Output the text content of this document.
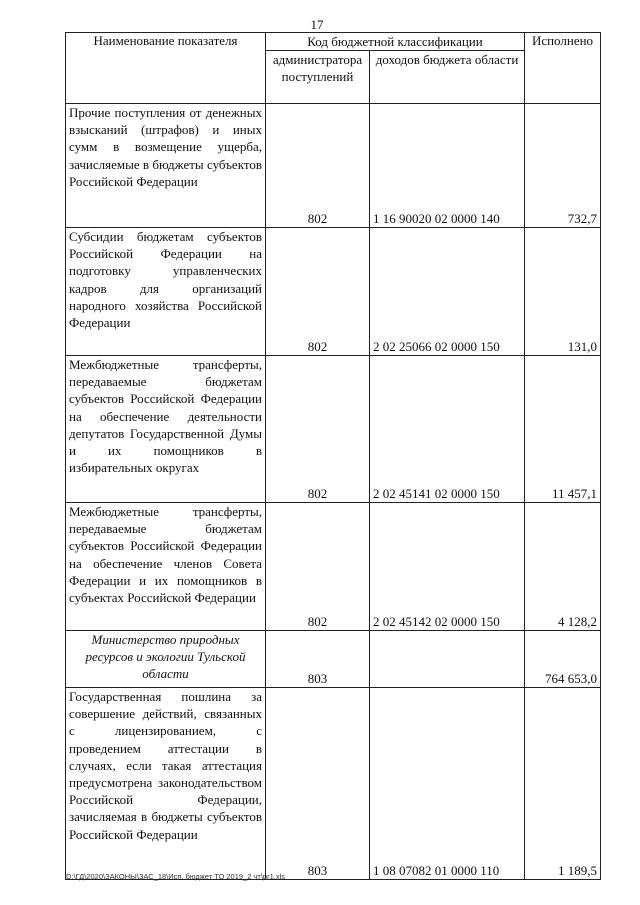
17
Наименование показателя	Код бюджетной классификации		Исполнено
	администратора поступлений	доходов бюджета области	
Прочие поступления от денежных взысканий (штрафов) и иных сумм в возмещение ущерба, зачисляемые в бюджеты субъектов Российской Федерации	802	1 16 90020 02 0000 140	732,7
Субсидии бюджетам субъектов Российской Федерации на подготовку управленческих кадров для организаций народного хозяйства Российской Федерации	802	2 02 25066 02 0000 150	131,0
Межбюджетные трансферты, передаваемые бюджетам субъектов Российской Федерации на обеспечение деятельности депутатов Государственной Думы и их помощников в избирательных округах	802	2 02 45141 02 0000 150	11 457,1
Межбюджетные трансферты, передаваемые бюджетам субъектов Российской Федерации на обеспечение членов Совета Федерации и их помощников в субъектах Российской Федерации	802	2 02 45142 02 0000 150	4 128,2
Министерство природных ресурсов и экологии Тульской области	803		764 653,0
Государственная пошлина за совершение действий, связанных с лицензированием, с проведением аттестации в случаях, если такая аттестация предусмотрена законодательством Российской Федерации, зачисляемая в бюджеты субъектов Российской Федерации	803	1 08 07082 01 0000 110	1 189,5
D:\ГД\2020\ЗАКОНЫ\ЗАС_18\Исп. бюджет ТО 2019_2 чт\pr1.xls
